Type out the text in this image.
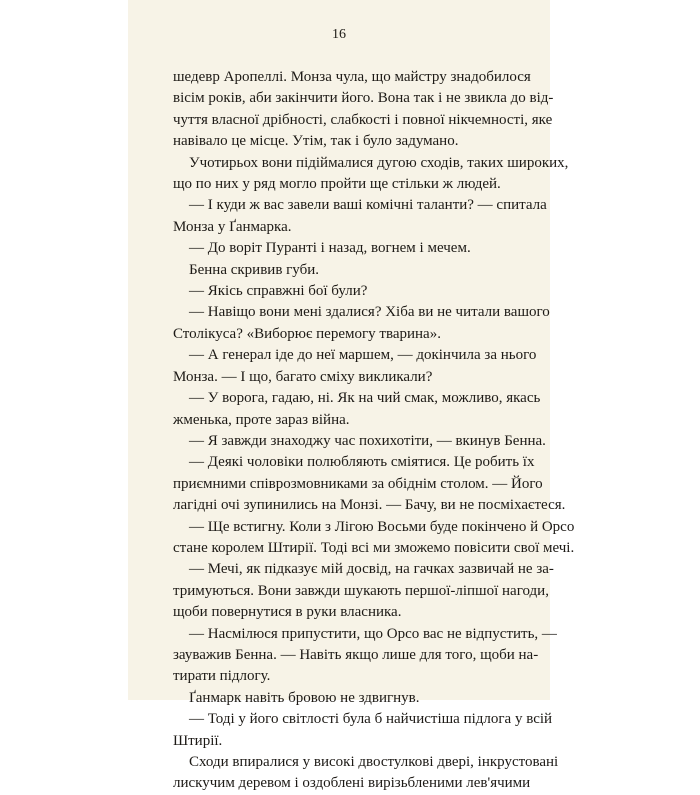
16
шедевр Аропеллі. Монза чула, що майстру знадобилося
вісім років, аби закінчити його. Вона так і не звикла до від-
чуття власної дрібності, слабкості і повної нікчемності, яке
навівало це місце. Утім, так і було задумано.
Учотирьох вони підіймалися дугою сходів, таких широких,
що по них у ряд могло пройти ще стільки ж людей.
— І куди ж вас завели ваші комічні таланти? — спитала
Монза у Ґанмарка.
— До воріт Пуранті і назад, вогнем і мечем.
Бенна скривив губи.
— Якісь справжні бої були?
— Навіщо вони мені здалися? Хіба ви не читали вашого
Столікуса? «Виборює перемогу тварина».
— А генерал іде до неї маршем, — докінчила за нього
Монза. — І що, багато сміху викликали?
— У ворога, гадаю, ні. Як на чий смак, можливо, якась
жменька, проте зараз війна.
— Я завжди знаходжу час похихотіти, — вкинув Бенна.
— Деякі чоловіки полюбляють сміятися. Це робить їх
приємними співрозмовниками за обіднім столом. — Його
лагідні очі зупинились на Монзі. — Бачу, ви не посміхаєтеся.
— Ще встигну. Коли з Лігою Восьми буде покінчено й Орсо
стане королем Штирії. Тоді всі ми зможемо повісити свої мечі.
— Мечі, як підказує мій досвід, на гачках зазвичай не за-
тримуються. Вони завжди шукають першої-ліпшої нагоди,
щоби повернутися в руки власника.
— Насмілюся припустити, що Орсо вас не відпустить, —
зауважив Бенна. — Навіть якщо лише для того, щоби на-
тирати підлогу.
Ґанмарк навіть бровою не здвигнув.
— Тоді у його світлості була б найчистіша підлога у всій
Штирії.
Сходи впиралися у високі двостулкові двері, інкрустовані
лискучим деревом і оздоблені вирізьбленими лев'ячими
